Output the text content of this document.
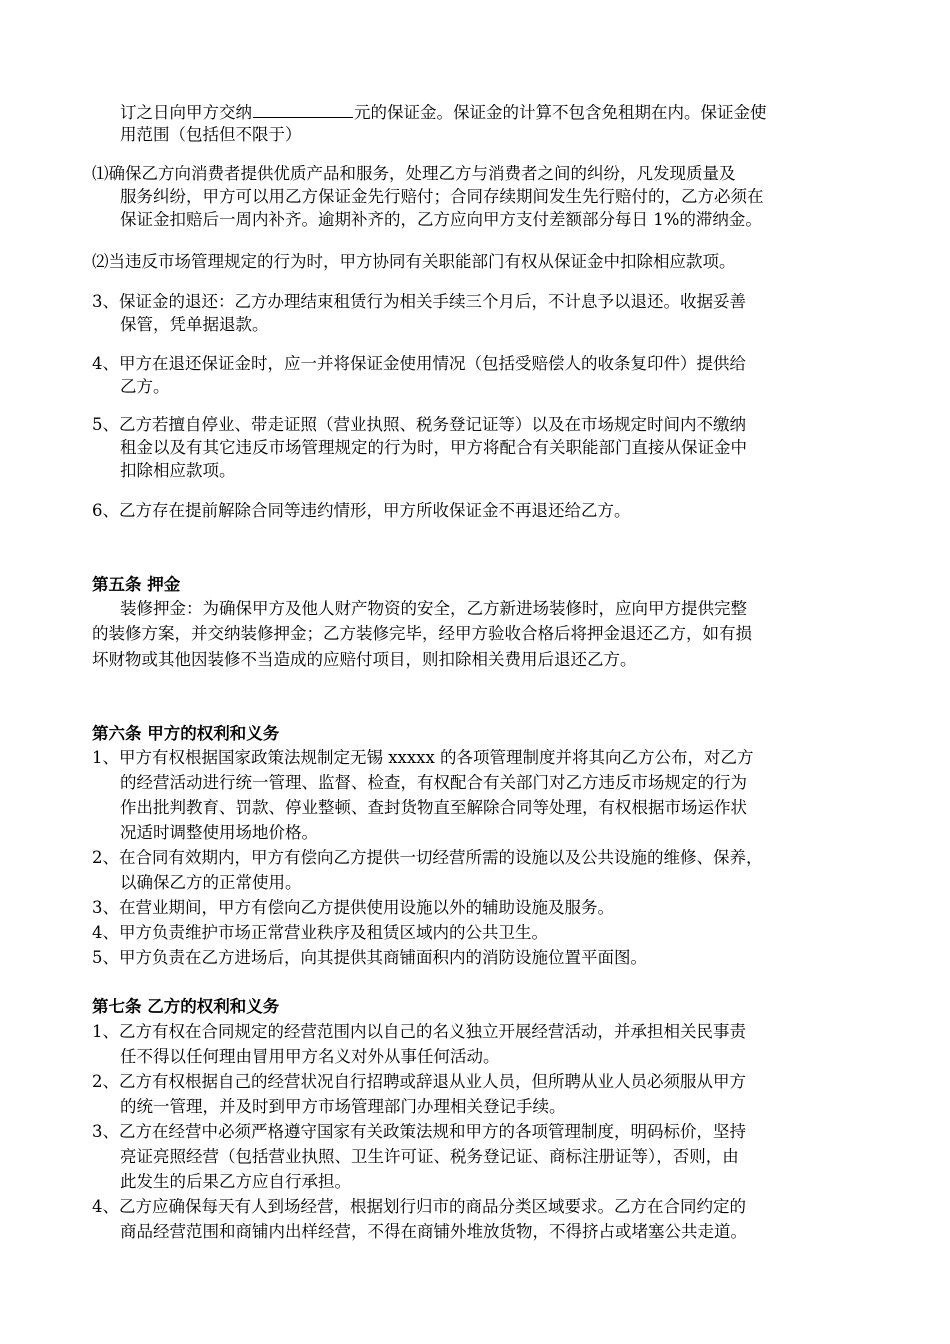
订之日向甲方交纳	元的保证金。保证金的计算不包含免租期在内。保证金使
用范围（包括但不限于）
⑴确保乙方向消费者提供优质产品和服务，处理乙方与消费者之间的纠纷，凡发现质量及
服务纠纷，甲方可以用乙方保证金先行赔付；合同存续期间发生先行赔付的，乙方必须在
保证金扣赔后一周内补齐。逾期补齐的，乙方应向甲方支付差额部分每日 1%的滞纳金。
⑵当违反市场管理规定的行为时，甲方协同有关职能部门有权从保证金中扣除相应款项。
3、保证金的退还：乙方办理结束租赁行为相关手续三个月后，不计息予以退还。收据妥善
保管，凭单据退款。
4、甲方在退还保证金时，应一并将保证金使用情况（包括受赔偿人的收条复印件）提供给
乙方。
5、乙方若擅自停业、带走证照（营业执照、税务登记证等）以及在市场规定时间内不缴纳
租金以及有其它违反市场管理规定的行为时，甲方将配合有关职能部门直接从保证金中
扣除相应款项。
6、乙方存在提前解除合同等违约情形，甲方所收保证金不再退还给乙方。
第五条 押金
装修押金：为确保甲方及他人财产物资的安全，乙方新进场装修时，应向甲方提供完整
的装修方案，并交纳装修押金；乙方装修完毕，经甲方验收合格后将押金退还乙方，如有损
坏财物或其他因装修不当造成的应赔付项目，则扣除相关费用后退还乙方。
第六条 甲方的权利和义务
1、甲方有权根据国家政策法规制定无锡 xxxxx 的各项管理制度并将其向乙方公布，对乙方
的经营活动进行统一管理、监督、检查，有权配合有关部门对乙方违反市场规定的行为
作出批判教育、罚款、停业整顿、查封货物直至解除合同等处理，有权根据市场运作状
况适时调整使用场地价格。
2、在合同有效期内，甲方有偿向乙方提供一切经营所需的设施以及公共设施的维修、保养，
以确保乙方的正常使用。
3、在营业期间，甲方有偿向乙方提供使用设施以外的辅助设施及服务。
4、甲方负责维护市场正常营业秩序及租赁区域内的公共卫生。
5、甲方负责在乙方进场后，向其提供其商铺面积内的消防设施位置平面图。
第七条 乙方的权利和义务
1、乙方有权在合同规定的经营范围内以自己的名义独立开展经营活动，并承担相关民事责
任不得以任何理由冒用甲方名义对外从事任何活动。
2、乙方有权根据自己的经营状况自行招聘或辞退从业人员，但所聘从业人员必须服从甲方
的统一管理，并及时到甲方市场管理部门办理相关登记手续。
3、乙方在经营中必须严格遵守国家有关政策法规和甲方的各项管理制度，明码标价，坚持
亮证亮照经营（包括营业执照、卫生许可证、税务登记证、商标注册证等），否则，由
此发生的后果乙方应自行承担。
4、乙方应确保每天有人到场经营，根据划行归市的商品分类区域要求。乙方在合同约定的
商品经营范围和商铺内出样经营，不得在商铺外堆放货物，不得挤占或堵塞公共走道。
